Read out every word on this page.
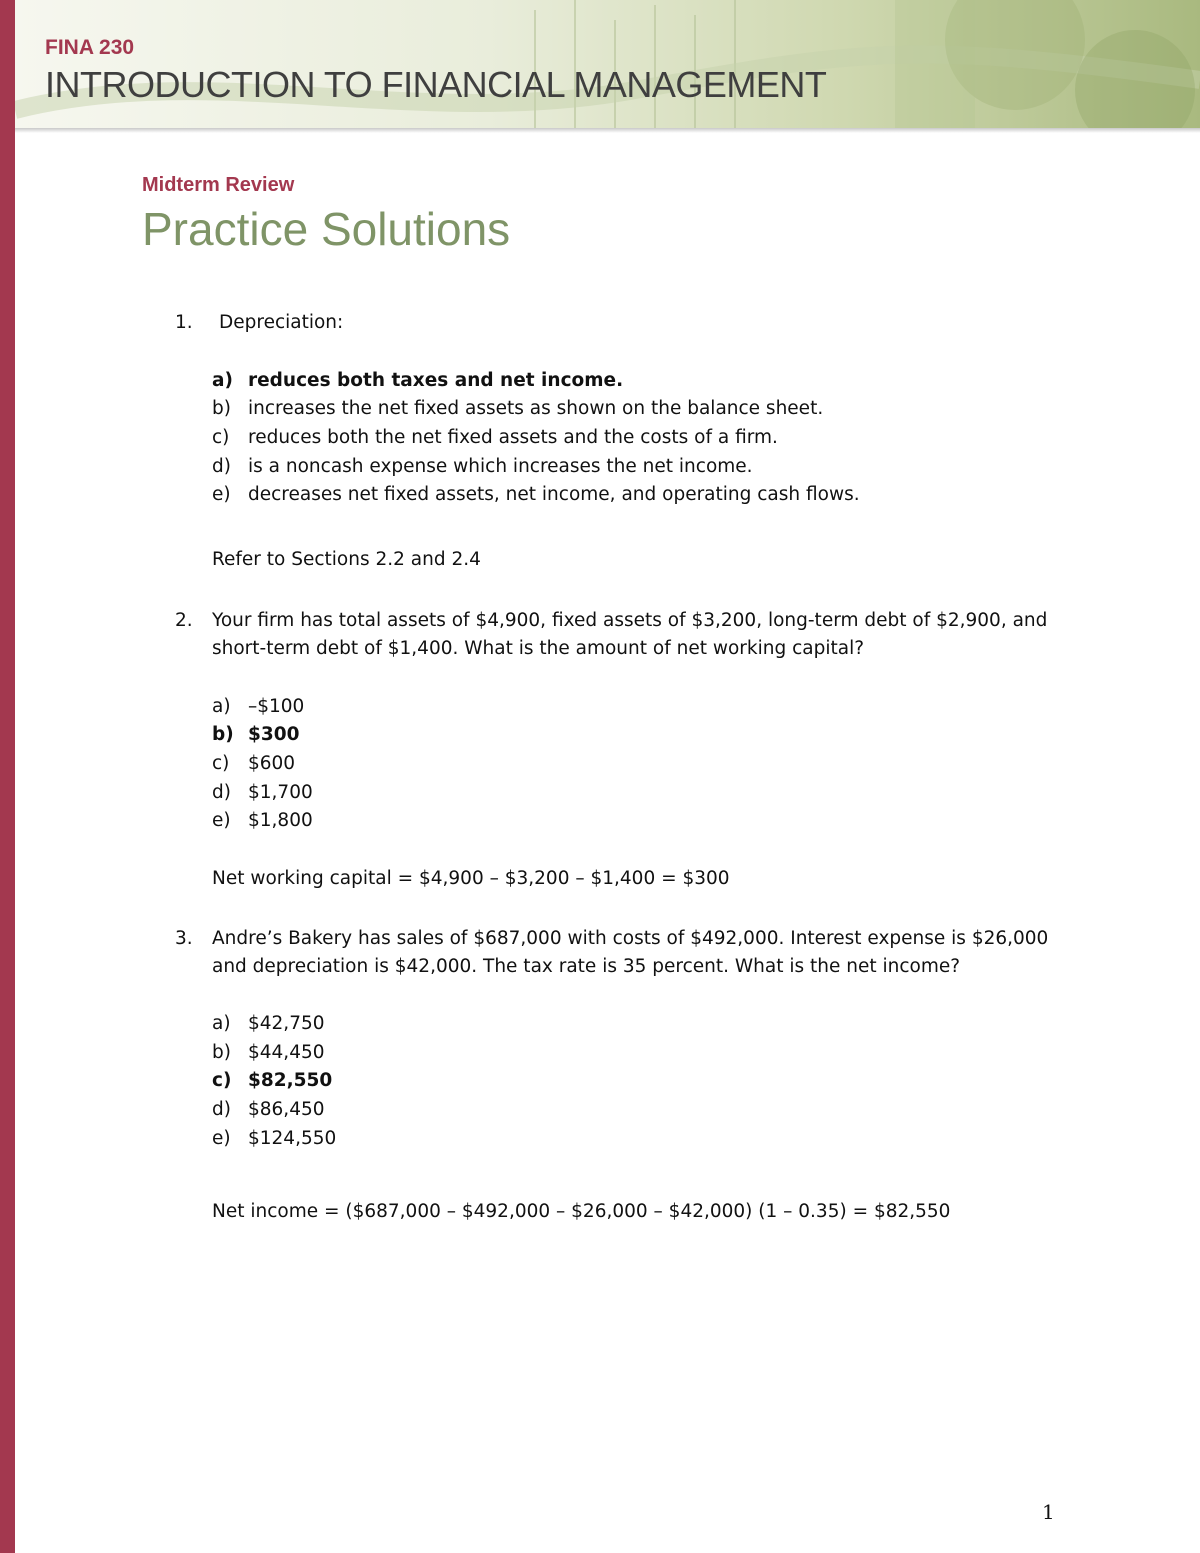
FINA 230

INTRODUCTION TO FINANCIAL MANAGEMENT

Midterm Review

Practice Solutions

1. Depreciation:

a) reduces both taxes and net income.

b) increases the net fixed assets as shown on the balance sheet.

c) reduces both the net fixed assets and the costs of a firm.

d) is a noncash expense which increases the net income.

e) decreases net fixed assets, net income, and operating cash flows.

Refer to Sections 2.2 and 2.4

2. Your firm has total assets of $4,900, fixed assets of $3,200, long-term debt of $2,900, and

short-term debt of $1,400. What is the amount of net working capital?

a) –$100

b) $300

c) $600

d) $1,700

e) $1,800

Net working capital = $4,900 – $3,200 – $1,400 = $300

3. Andre’s Bakery has sales of $687,000 with costs of $492,000. Interest expense is $26,000

and depreciation is $42,000. The tax rate is 35 percent. What is the net income?

a) $42,750

b) $44,450

c) $82,550

d) $86,450

e) $124,550

Net income = ($687,000 – $492,000 – $26,000 – $42,000) (1 – 0.35) = $82,550

1
